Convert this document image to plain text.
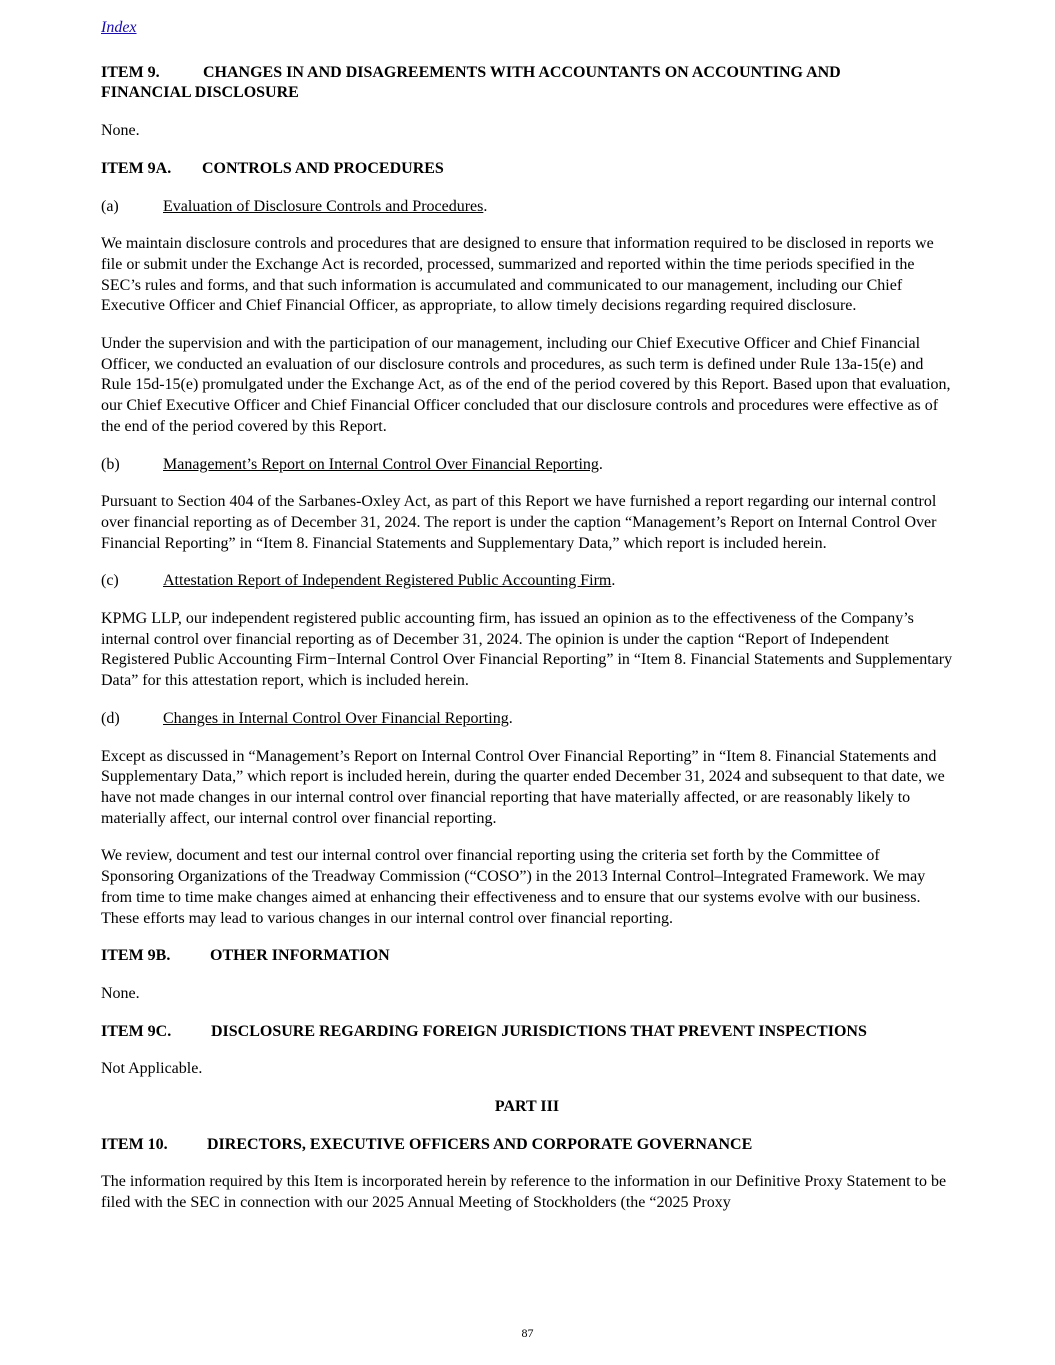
Index
ITEM 9.	CHANGES IN AND DISAGREEMENTS WITH ACCOUNTANTS ON ACCOUNTING AND
FINANCIAL DISCLOSURE

None.

ITEM 9A. CONTROLS AND PROCEDURES
(a)	Evaluation of Disclosure Controls and Procedures.

We maintain disclosure controls and procedures that are designed to ensure that information required to be disclosed in reports we file or submit under the Exchange Act is recorded, processed, summarized and reported within the time periods specified in the SEC’s rules and forms, and that such information is accumulated and communicated to our management, including our Chief Executive Officer and Chief Financial Officer, as appropriate, to allow timely decisions regarding required disclosure.

Under the supervision and with the participation of our management, including our Chief Executive Officer and Chief Financial Officer, we conducted an evaluation of our disclosure controls and procedures, as such term is defined under Rule 13a-15(e) and Rule 15d-15(e) promulgated under the Exchange Act, as of the end of the period covered by this Report. Based upon that evaluation, our Chief Executive Officer and Chief Financial Officer concluded that our disclosure controls and procedures were effective as of the end of the period covered by this Report.

(b)	Management’s Report on Internal Control Over Financial Reporting.

Pursuant to Section 404 of the Sarbanes-Oxley Act, as part of this Report we have furnished a report regarding our internal control over financial reporting as of December 31, 2024. The report is under the caption “Management’s Report on Internal Control Over Financial Reporting” in “Item 8. Financial Statements and Supplementary Data,” which report is included herein.

(c)	Attestation Report of Independent Registered Public Accounting Firm.

KPMG LLP, our independent registered public accounting firm, has issued an opinion as to the effectiveness of the Company’s internal control over financial reporting as of December 31, 2024. The opinion is under the caption “Report of Independent Registered Public Accounting Firm−Internal Control Over Financial Reporting” in “Item 8. Financial Statements and Supplementary Data” for this attestation report, which is included herein.

(d)	Changes in Internal Control Over Financial Reporting.

Except as discussed in “Management’s Report on Internal Control Over Financial Reporting” in “Item 8. Financial Statements and Supplementary Data,” which report is included herein, during the quarter ended December 31, 2024 and subsequent to that date, we have not made changes in our internal control over financial reporting that have materially affected, or are reasonably likely to materially affect, our internal control over financial reporting.

We review, document and test our internal control over financial reporting using the criteria set forth by the Committee of Sponsoring Organizations of the Treadway Commission (“COSO”) in the 2013 Internal Control–Integrated Framework. We may from time to time make changes aimed at enhancing their effectiveness and to ensure that our systems evolve with our business. These efforts may lead to various changes in our internal control over financial reporting.

ITEM 9B. OTHER INFORMATION

None.

ITEM 9C. DISCLOSURE REGARDING FOREIGN JURISDICTIONS THAT PREVENT INSPECTIONS

Not Applicable.

PART III
ITEM 10. DIRECTORS, EXECUTIVE OFFICERS AND CORPORATE GOVERNANCE

The information required by this Item is incorporated herein by reference to the information in our Definitive Proxy Statement to be filed with the SEC in connection with our 2025 Annual Meeting of Stockholders (the “2025 Proxy

87
